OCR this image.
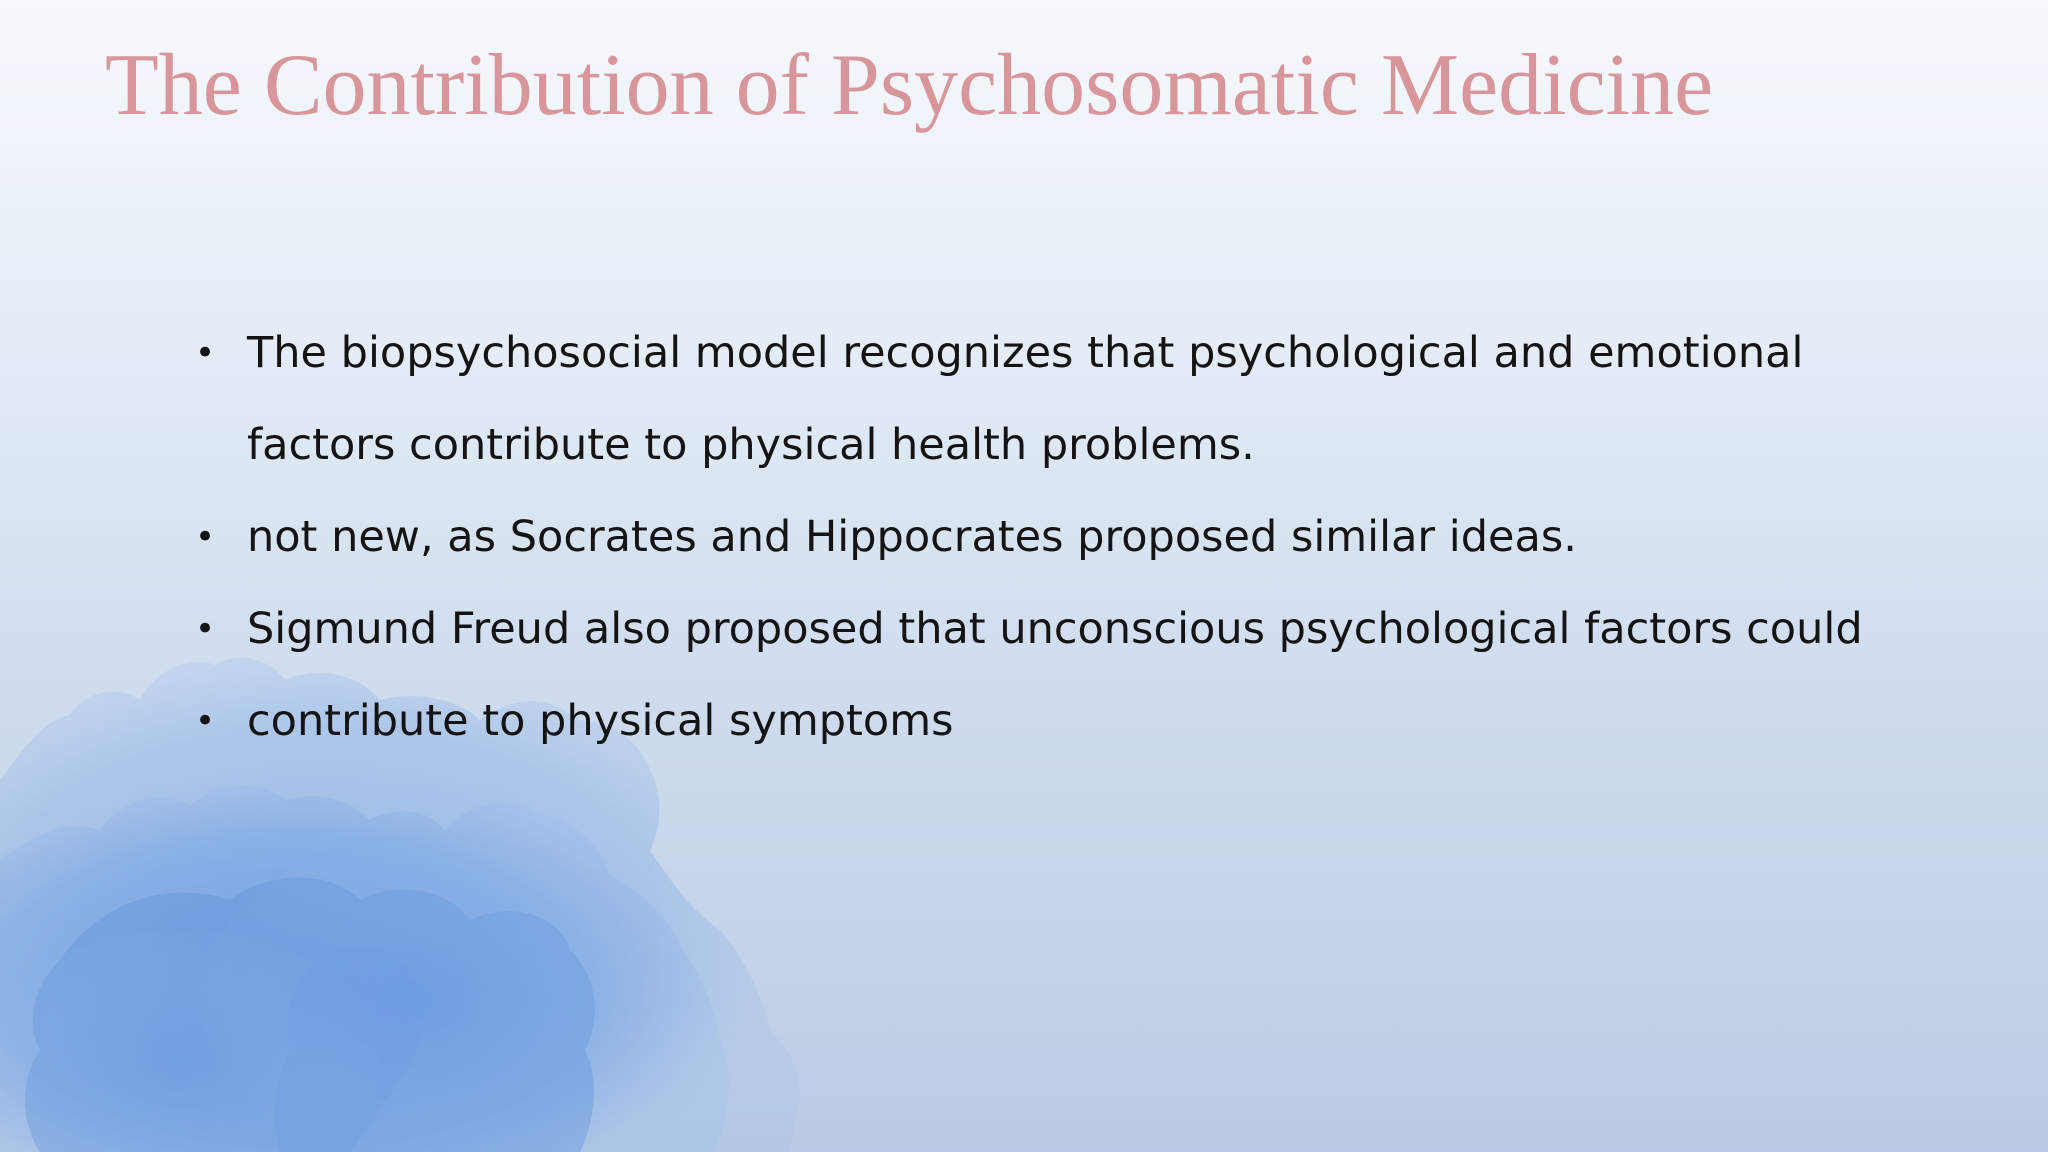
The Contribution of Psychosomatic Medicine
• The biopsychosocial model recognizes that psychological and emotional
factors contribute to physical health problems.
• not new, as Socrates and Hippocrates proposed similar ideas.
• Sigmund Freud also proposed that unconscious psychological factors could
• contribute to physical symptoms
